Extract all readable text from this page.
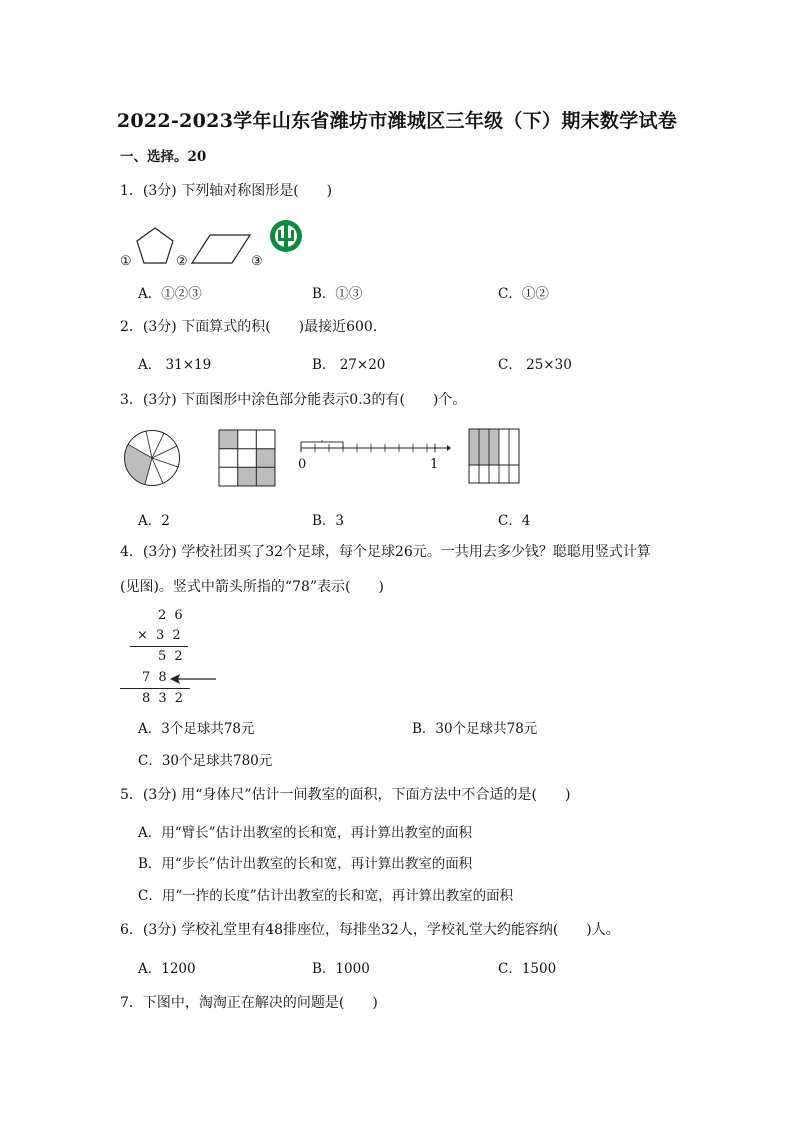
2022-2023学年山东省潍坊市潍城区三年级（下）期末数学试卷
一、选择。20
1．(3分) 下列轴对称图形是(　　)
①	②	③
A．①②③	B．①③	C．①②
2．(3分) 下面算式的积(　　)最接近600．
A． 31×19	B． 27×20	C． 25×30
3．(3分) 下面图形中涂色部分能表示0.3的有(　　)个。
0	1
A．2	B．3	C．4
4．(3分) 学校社团买了32个足球，每个足球26元。一共用去多少钱？聪聪用竖式计算
(见图)。竖式中箭头所指的“78”表示(　　)
2 6
× 3 2
5 2
7 8
8 3 2
A．3个足球共78元	B．30个足球共78元
C．30个足球共780元
5．(3分) 用“身体尺”估计一间教室的面积，下面方法中不合适的是(　　)
A．用“臂长”估计出教室的长和宽，再计算出教室的面积
B．用“步长”估计出教室的长和宽，再计算出教室的面积
C．用“一拃的长度”估计出教室的长和宽，再计算出教室的面积
6．(3分) 学校礼堂里有48排座位，每排坐32人，学校礼堂大约能容纳(　　)人。
A．1200	B．1000	C．1500
7．下图中，淘淘正在解决的问题是(　　)
